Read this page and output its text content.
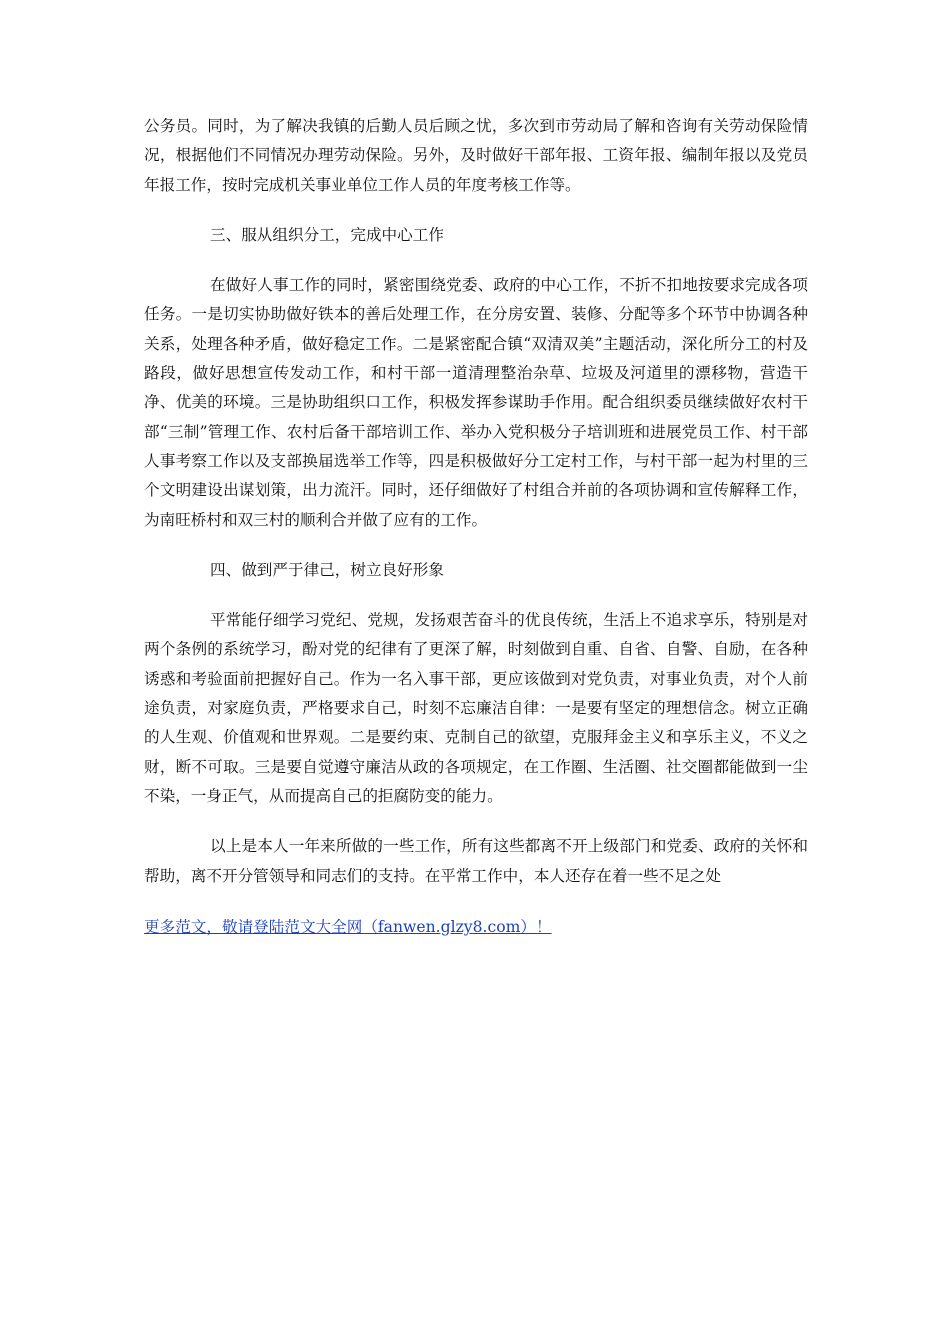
公务员。同时，为了解决我镇的后勤人员后顾之忧，多次到市劳动局了解和咨询有关劳动保险情况，根据他们不同情况办理劳动保险。另外，及时做好干部年报、工资年报、编制年报以及党员年报工作，按时完成机关事业单位工作人员的年度考核工作等。

三、服从组织分工，完成中心工作

在做好人事工作的同时，紧密围绕党委、政府的中心工作，不折不扣地按要求完成各项任务。一是切实协助做好铁本的善后处理工作，在分房安置、装修、分配等多个环节中协调各种关系，处理各种矛盾，做好稳定工作。二是紧密配合镇“双清双美”主题活动，深化所分工的村及路段，做好思想宣传发动工作，和村干部一道清理整治杂草、垃圾及河道里的漂移物，营造干净、优美的环境。三是协助组织口工作，积极发挥参谋助手作用。配合组织委员继续做好农村干部“三制”管理工作、农村后备干部培训工作、举办入党积极分子培训班和进展党员工作、村干部人事考察工作以及支部换届选举工作等，四是积极做好分工定村工作，与村干部一起为村里的三个文明建设出谋划策，出力流汗。同时，还仔细做好了村组合并前的各项协调和宣传解释工作，为南旺桥村和双三村的顺利合并做了应有的工作。

四、做到严于律己，树立良好形象

平常能仔细学习党纪、党规，发扬艰苦奋斗的优良传统，生活上不追求享乐，特别是对两个条例的系统学习，酚对党的纪律有了更深了解，时刻做到自重、自省、自警、自励，在各种诱惑和考验面前把握好自己。作为一名入事干部，更应该做到对党负责，对事业负责，对个人前途负责，对家庭负责，严格要求自己，时刻不忘廉洁自律：一是要有坚定的理想信念。树立正确的人生观、价值观和世界观。二是要约束、克制自己的欲望，克服拜金主义和享乐主义，不义之财，断不可取。三是要自觉遵守廉洁从政的各项规定，在工作圈、生活圈、社交圈都能做到一尘不染，一身正气，从而提高自己的拒腐防变的能力。

以上是本人一年来所做的一些工作，所有这些都离不开上级部门和党委、政府的关怀和帮助，离不开分管领导和同志们的支持。在平常工作中，本人还存在着一些不足之处

更多范文，敬请登陆范文大全网（fanwen.glzy8.com）！
